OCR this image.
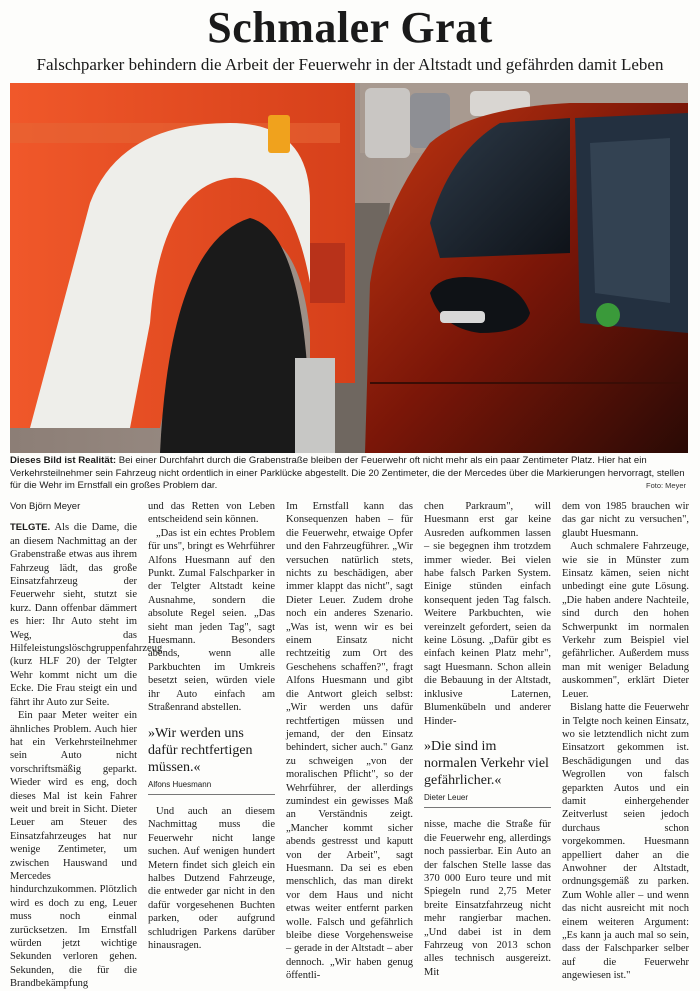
Schmaler Grat
Falschparker behindern die Arbeit der Feuerwehr in der Altstadt und gefährden damit Leben

Dieses Bild ist Realität: Bei einer Durchfahrt durch die Grabenstraße bleiben der Feuerwehr oft nicht mehr als ein paar Zentimeter Platz. Hier hat ein Verkehrsteilnehmer sein Fahrzeug nicht ordentlich in einer Parklücke abgestellt. Die 20 Zentimeter, die der Mercedes über die Markierungen hervorragt, stellen für die Wehr im Ernstfall ein großes Problem dar.	Foto: Meyer
Von Björn Meyer

TELGTE. Als die Dame, die an diesem Nachmittag an der Grabenstraße etwas aus ihrem Fahrzeug lädt, das große Einsatzfahrzeug der Feuerwehr sieht, stutzt sie kurz. Dann offenbar dämmert es hier: Ihr Auto steht im Weg, das Hilfeleistungslöschgruppenfahrzeug (kurz HLF 20) der Telgter Wehr kommt nicht um die Ecke. Die Frau steigt ein und fährt ihr Auto zur Seite.

Ein paar Meter weiter ein ähnliches Problem. Auch hier hat ein Verkehrsteilnehmer sein Auto nicht vorschriftsmäßig geparkt. Wieder wird es eng, doch dieses Mal ist kein Fahrer weit und breit in Sicht. Dieter Leuer am Steuer des Einsatzfahrzeuges hat nur wenige Zentimeter, um zwischen Hauswand und Mercedes hindurchzukommen. Plötzlich wird es doch zu eng, Leuer muss noch einmal zurücksetzen. Im Ernstfall würden jetzt wichtige Sekunden verloren gehen. Sekunden, die für die Brandbekämpfung

und das Retten von Leben entscheidend sein können.

„Das ist ein echtes Problem für uns", bringt es Wehrführer Alfons Huesmann auf den Punkt. Zumal Falschparker in der Telgter Altstadt keine Ausnahme, sondern die absolute Regel seien. „Das sieht man jeden Tag", sagt Huesmann. Besonders abends, wenn alle Parkbuchten im Umkreis besetzt seien, würden viele ihr Auto einfach am Straßenrand abstellen.

»Wir werden uns dafür rechtfertigen müssen.«
Alfons Huesmann

Und auch an diesem Nachmittag muss die Feuerwehr nicht lange suchen. Auf wenigen hundert Metern findet sich gleich ein halbes Dutzend Fahrzeuge, die entweder gar nicht in den dafür vorgesehenen Buchten parken, oder aufgrund schludrigen Parkens darüber hinausragen.

Im Ernstfall kann das Konsequenzen haben – für die Feuerwehr, etwaige Opfer und den Fahrzeugführer. „Wir versuchen natürlich stets, nichts zu beschädigen, aber immer klappt das nicht", sagt Dieter Leuer. Zudem drohe noch ein anderes Szenario. „Was ist, wenn wir es bei einem Einsatz nicht rechtzeitig zum Ort des Geschehens schaffen?", fragt Alfons Huesmann und gibt die Antwort gleich selbst: „Wir werden uns dafür rechtfertigen müssen und jemand, der den Einsatz behindert, sicher auch." Ganz zu schweigen „von der moralischen Pflicht", so der Wehrführer, der allerdings zumindest ein gewisses Maß an Verständnis zeigt. „Mancher kommt sicher abends gestresst und kaputt von der Arbeit", sagt Huesmann. Da sei es eben menschlich, das man direkt vor dem Haus und nicht etwas weiter entfernt parken wolle. Falsch und gefährlich bleibe diese Vorgehensweise – gerade in der Altstadt – aber dennoch. „Wir haben genug öffentli-

chen Parkraum", will Huesmann erst gar keine Ausreden aufkommen lassen – sie begegnen ihm trotzdem immer wieder. Bei vielen habe falsch Parken System. Einige stünden einfach konsequent jeden Tag falsch. Weitere Parkbuchten, wie vereinzelt gefordert, seien da keine Lösung. „Dafür gibt es einfach keinen Platz mehr", sagt Huesmann. Schon allein die Bebauung in der Altstadt, inklusive Laternen, Blumenkübeln und anderer Hinder-

»Die sind im normalen Verkehr viel gefährlicher.«
Dieter Leuer

nisse, mache die Straße für die Feuerwehr eng, allerdings noch passierbar. Ein Auto an der falschen Stelle lasse das 370 000 Euro teure und mit Spiegeln rund 2,75 Meter breite Einsatzfahrzeug nicht mehr rangierbar machen. „Und dabei ist in dem Fahrzeug von 2013 schon alles technisch ausgereizt. Mit

dem von 1985 brauchen wir das gar nicht zu versuchen", glaubt Huesmann.

Auch schmalere Fahrzeuge, wie sie in Münster zum Einsatz kämen, seien nicht unbedingt eine gute Lösung. „Die haben andere Nachteile, sind durch den hohen Schwerpunkt im normalen Verkehr zum Beispiel viel gefährlicher. Außerdem muss man mit weniger Beladung auskommen", erklärt Dieter Leuer.

Bislang hatte die Feuerwehr in Telgte noch keinen Einsatz, wo sie letztendlich nicht zum Einsatzort gekommen ist. Beschädigungen und das Wegrollen von falsch geparkten Autos und ein damit einhergehender Zeitverlust seien jedoch durchaus schon vorgekommen. Huesmann appelliert daher an die Anwohner der Altstadt, ordnungsgemäß zu parken. Zum Wohle aller – und wenn das nicht ausreicht mit noch einem weiteren Argument: „Es kann ja auch mal so sein, dass der Falschparker selber auf die Feuerwehr angewiesen ist."
